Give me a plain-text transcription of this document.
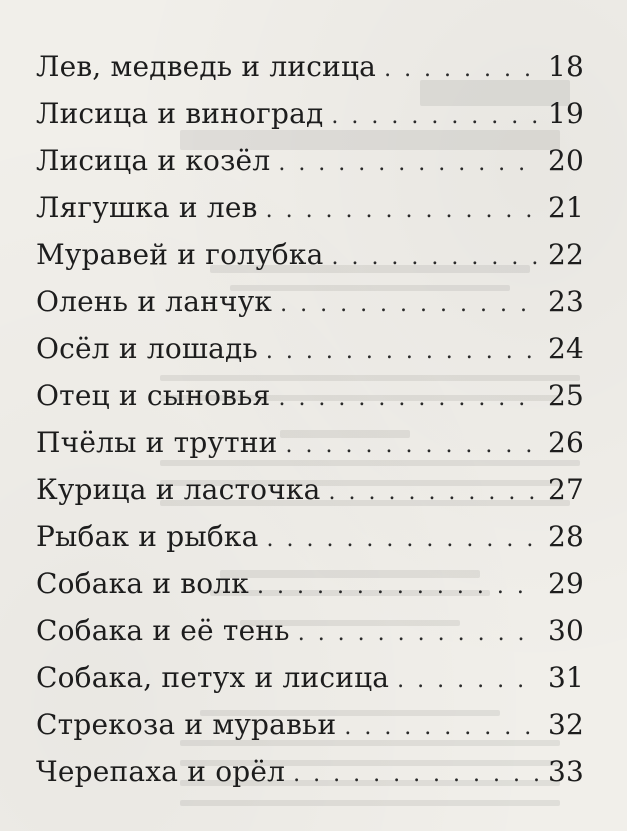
Лев, медведь и лисица . . .	18
Лисица и виноград . . .	19
Лисица и козёл . . .	20
Лягушка и лев . . .	21
Муравей и голубка . . .	22
Олень и ланчук . . .	23
Осёл и лошадь . . .	24
Отец и сыновья . . .	25
Пчёлы и трутни . . .	26
Курица и ласточка . . .	27
Рыбак и рыбка . . .	28
Собака и волк . . .	29
Собака и её тень . . .	30
Собака, петух и лисица . . .	31
Стрекоза и муравьи . . .	32
Черепаха и орёл . . .	33
